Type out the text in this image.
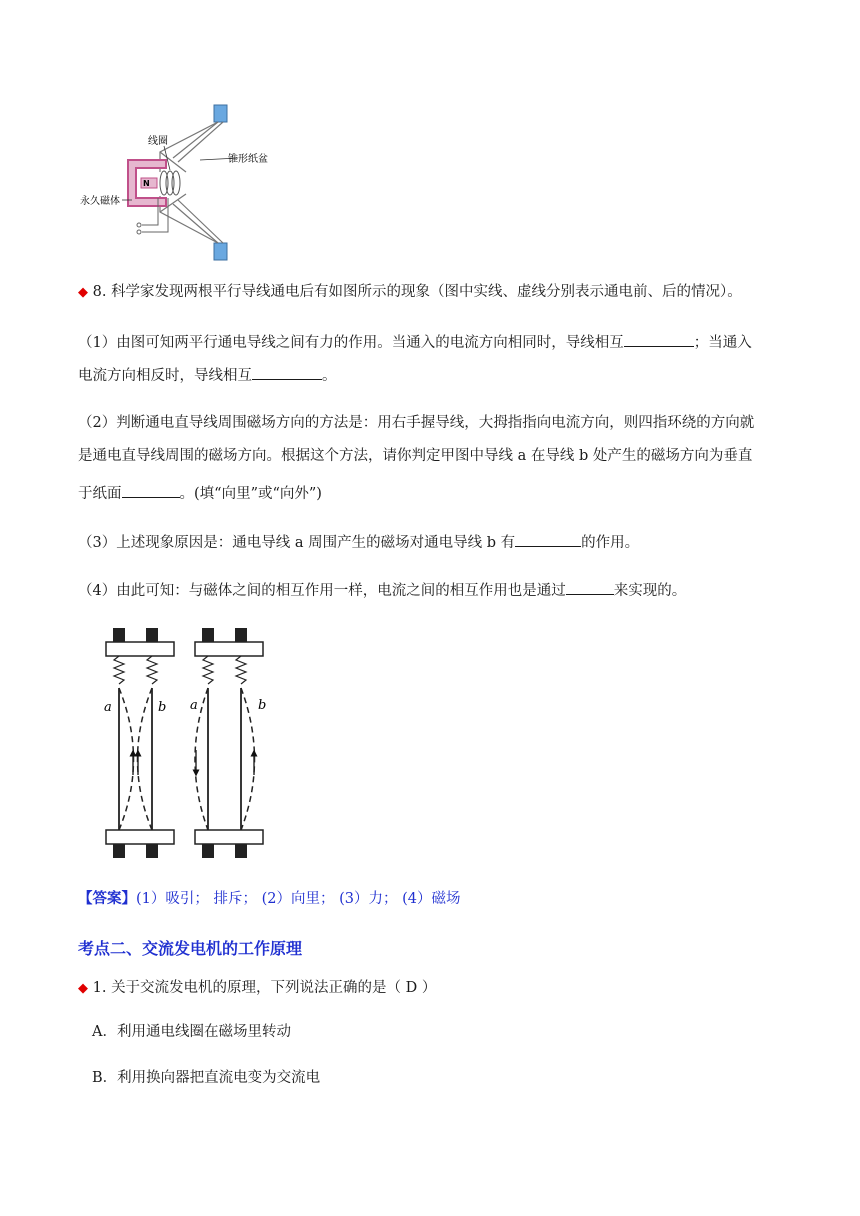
N
线圈
锥形纸盆
永久磁体
◆ 8. 科学家发现两根平行导线通电后有如图所示的现象（图中实线、虚线分别表示通电前、后的情况）。
（1）由图可知两平行通电导线之间有力的作用。当通入的电流方向相同时，导线相互	；当通入
电流方向相反时，导线相互	。
（2）判断通电直导线周围磁场方向的方法是：用右手握导线，大拇指指向电流方向，则四指环绕的方向就
是通电直导线周围的磁场方向。根据这个方法，请你判定甲图中导线 a 在导线 b 处产生的磁场方向为垂直
于纸面	。(填“向里”或“向外”)
（3）上述现象原因是：通电导线 a 周围产生的磁场对通电导线 b 有	的作用。
（4）由此可知：与磁体之间的相互作用一样，电流之间的相互作用也是通过	来实现的。
a	b a	b
【答案】(1）吸引； 排斥； (2）向里； (3）力； (4）磁场
考点二、交流发电机的工作原理
◆ 1. 关于交流发电机的原理，下列说法正确的是（ D ）
A．利用通电线圈在磁场里转动
B．利用换向器把直流电变为交流电
